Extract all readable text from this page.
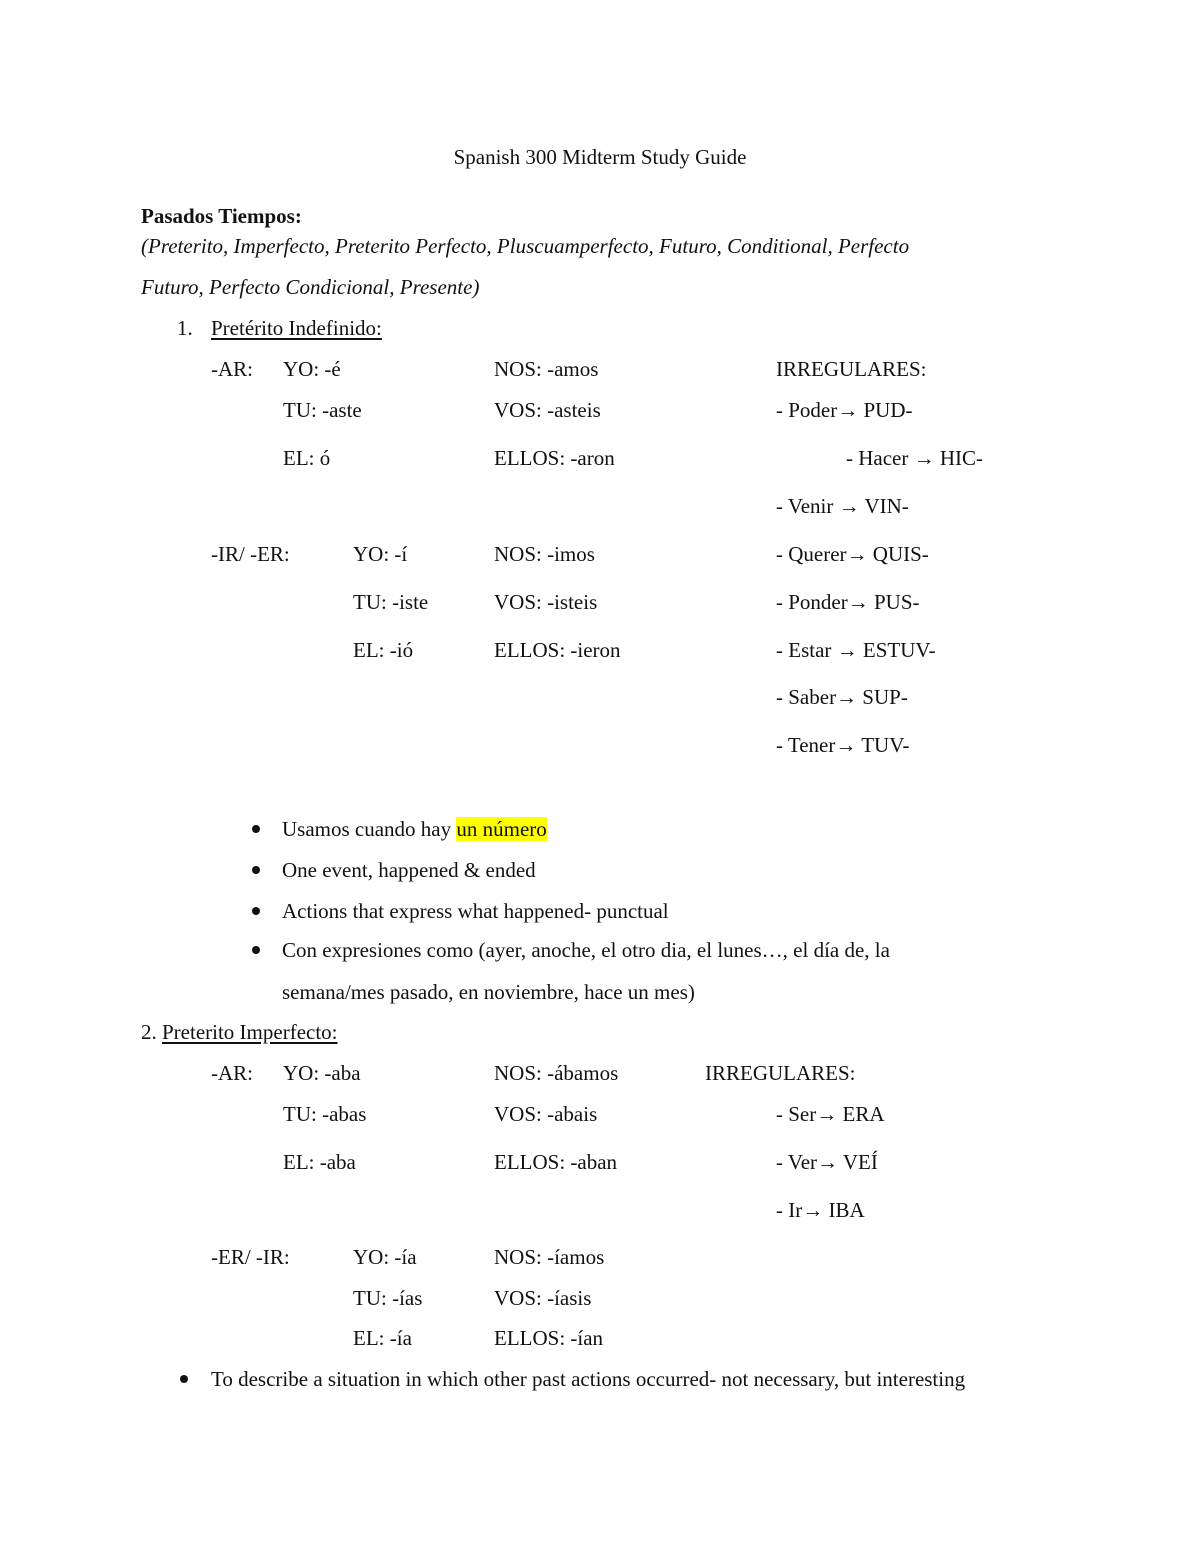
Spanish 300 Midterm Study Guide
Pasados Tiempos:
(Preterito, Imperfecto, Preterito Perfecto, Pluscuamperfecto, Futuro, Conditional, Perfecto
Futuro, Perfecto Condicional, Presente)
1. Pretérito Indefinido:
-AR: YO: -é
TU: -aste
EL: ó
NOS: -amos
VOS: -asteis
ELLOS: -aron
IRREGULARES:
- Poder→ PUD-
- Hacer → HIC-
- Venir → VIN-
- Querer→ QUIS-
- Ponder→ PUS-
- Estar → ESTUV-
- Saber→ SUP-
- Tener→ TUV-
-IR/ -ER:	YO: -í
TU: -iste
EL: -ió
NOS: -imos
VOS: -isteis
ELLOS: -ieron
Usamos cuando hay un número
One event, happened & ended
Actions that express what happened- punctual
Con expresiones como (ayer, anoche, el otro dia, el lunes…, el día de, la
semana/mes pasado, en noviembre, hace un mes)
2. Preterito Imperfecto:
-AR: YO: -aba
TU: -abas
EL: -aba
NOS: -ábamos
VOS: -abais
ELLOS: -aban
IRREGULARES:
- Ser→ ERA
- Ver→ VEÍ
- Ir→ IBA
-ER/ -IR:	YO: -ía
TU: -ías
EL: -ía
NOS: -íamos
VOS: -íasis
ELLOS: -ían
To describe a situation in which other past actions occurred- not necessary, but interesting
